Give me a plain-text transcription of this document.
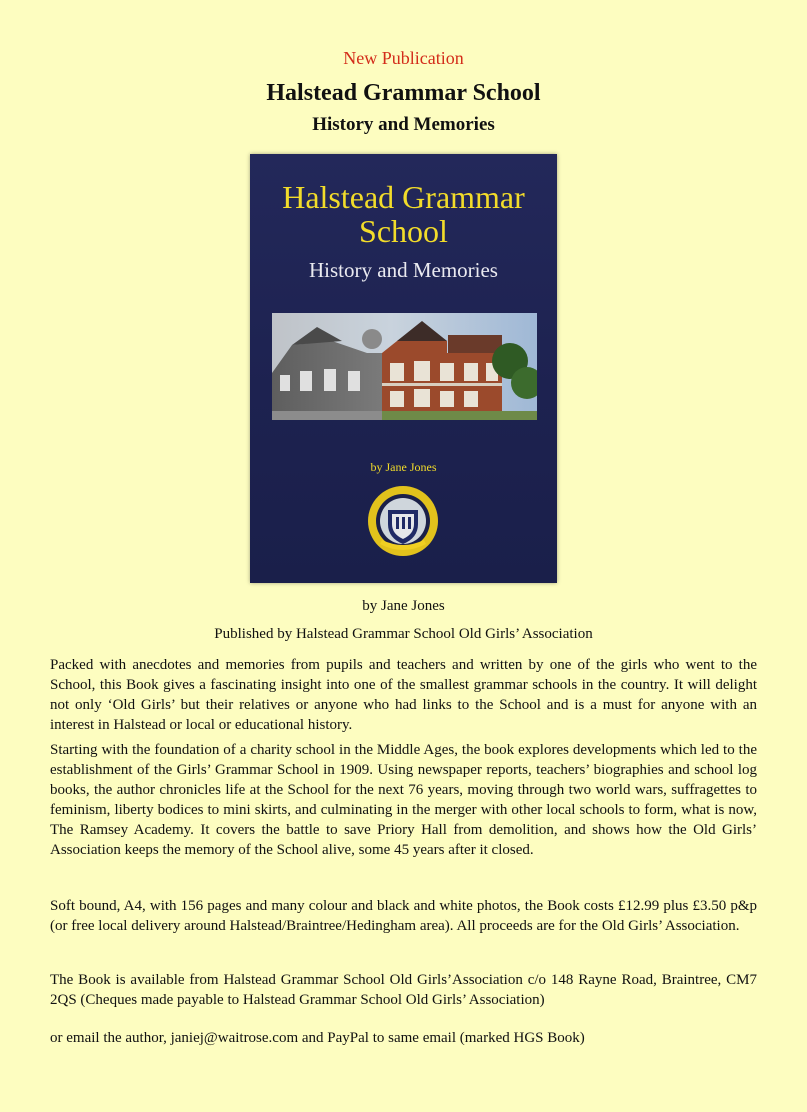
New Publication
Halstead Grammar School
History and Memories
Halstead Grammar
School
History and Memories
by Jane Jones
by Jane Jones
Published by Halstead Grammar School Old Girls’ Association

Packed with anecdotes and memories from pupils and teachers and written by one of the girls who went to the School, this Book gives a fascinating insight into one of the smallest grammar schools in the country. It will delight not only ‘Old Girls’ but their relatives or anyone who had links to the School and is a must for anyone with an interest in Halstead or local or educational history.

Starting with the foundation of a charity school in the Middle Ages, the book explores developments which led to the establishment of the Girls’ Grammar School in 1909. Using newspaper reports, teachers’ biographies and school log books, the author chronicles life at the School for the next 76 years, moving through two world wars, suffragettes to feminism, liberty bodices to mini skirts, and culminating in the merger with other local schools to form, what is now, The Ramsey Academy. It covers the battle to save Priory Hall from demolition, and shows how the Old Girls’ Association keeps the memory of the School alive, some 45 years after it closed.

Soft bound, A4, with 156 pages and many colour and black and white photos, the Book costs £12.99 plus £3.50 p&p (or free local delivery around Halstead/Braintree/Hedingham area). All proceeds are for the Old Girls’ Association.

The Book is available from Halstead Grammar School Old Girls’Association c/o 148 Rayne Road, Braintree, CM7 2QS (Cheques made payable to Halstead Grammar School Old Girls’ Association)

or email the author, janiej@waitrose.com and PayPal to same email (marked HGS Book)
